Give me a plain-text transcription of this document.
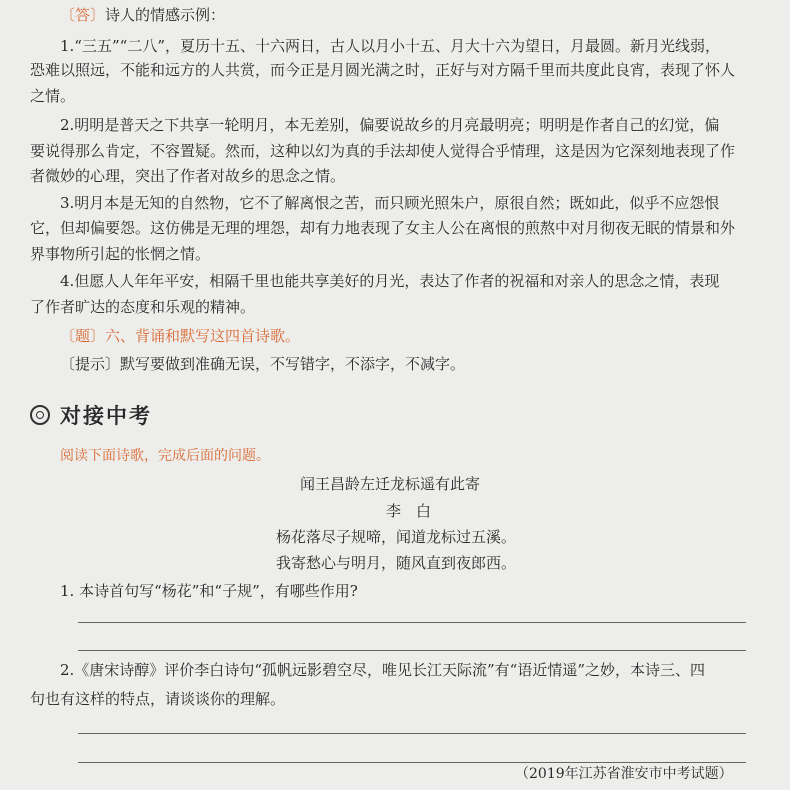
〔答〕诗人的情感示例：
1.“三五”“二八”，夏历十五、十六两日，古人以月小十五、月大十六为望日，月最圆。新月光线弱，
恐难以照远，不能和远方的人共赏，而今正是月圆光满之时，正好与对方隔千里而共度此良宵，表现了怀人
之情。
2.明明是普天之下共享一轮明月，本无差别，偏要说故乡的月亮最明亮；明明是作者自己的幻觉，偏
要说得那么肯定，不容置疑。然而，这种以幻为真的手法却使人觉得合乎情理，这是因为它深刻地表现了作
者微妙的心理，突出了作者对故乡的思念之情。
3.明月本是无知的自然物，它不了解离恨之苦，而只顾光照朱户，原很自然；既如此，似乎不应怨恨
它，但却偏要怨。这仿佛是无理的埋怨，却有力地表现了女主人公在离恨的煎熬中对月彻夜无眠的情景和外
界事物所引起的怅惘之情。
4.但愿人人年年平安，相隔千里也能共享美好的月光，表达了作者的祝福和对亲人的思念之情，表现
了作者旷达的态度和乐观的精神。
〔题〕六、背诵和默写这四首诗歌。
〔提示〕默写要做到准确无误，不写错字，不添字，不减字。
对接中考
阅读下面诗歌，完成后面的问题。
闻王昌龄左迁龙标遥有此寄
李　白
杨花落尽子规啼，闻道龙标过五溪。
我寄愁心与明月，随风直到夜郎西。
1. 本诗首句写“杨花”和“子规”，有哪些作用?
2.《唐宋诗醇》评价李白诗句“孤帆远影碧空尽，唯见长江天际流”有“语近情遥”之妙，本诗三、四
句也有这样的特点，请谈谈你的理解。
（2019年江苏省淮安市中考试题）
